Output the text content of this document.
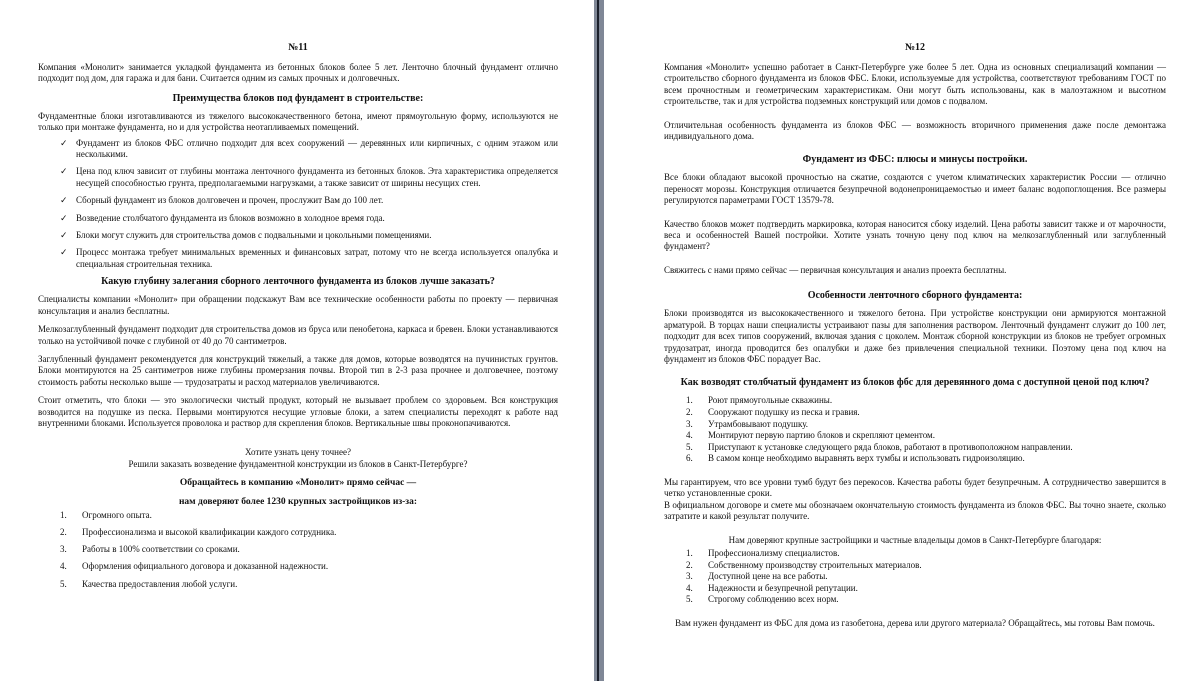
№11

Компания «Монолит» занимается укладкой фундамента из бетонных блоков более 5 лет. Ленточно блочный фундамент отлично подходит под дом, для гаража и для бани. Считается одним из самых прочных и долговечных.

Преимущества блоков под фундамент в строительстве:

Фундаментные блоки изготавливаются из тяжелого высококачественного бетона, имеют прямоугольную форму, используются не только при монтаже фундамента, но и для устройства неотапливаемых помещений.

✓ Фундамент из блоков ФБС отлично подходит для всех сооружений — деревянных или кирпичных, с одним этажом или несколькими.
✓ Цена под ключ зависит от глубины монтажа ленточного фундамента из бетонных блоков. Эта характеристика определяется несущей способностью грунта, предполагаемыми нагрузками, а также зависит от ширины несущих стен.
✓ Сборный фундамент из блоков долговечен и прочен, прослужит Вам до 100 лет.
✓ Возведение столбчатого фундамента из блоков возможно в холодное время года.
✓ Блоки могут служить для строительства домов с подвальными и цокольными помещениями.
✓ Процесс монтажа требует минимальных временных и финансовых затрат, потому что не всегда используется опалубка и специальная строительная техника.
Какую глубину залегания сборного ленточного фундамента из блоков лучше заказать?

Специалисты компании «Монолит» при обращении подскажут Вам все технические особенности работы по проекту — первичная консультация и анализ бесплатны.

Мелкозаглубленный фундамент подходит для строительства домов из бруса или пенобетона, каркаса и бревен. Блоки устанавливаются только на устойчивой почке с глубиной от 40 до 70 сантиметров.

Заглубленный фундамент рекомендуется для конструкций тяжелый, а также для домов, которые возводятся на пучинистых грунтов. Блоки монтируются на 25 сантиметров ниже глубины промерзания почвы. Второй тип в 2-3 раза прочнее и долговечнее, поэтому стоимость работы несколько выше — трудозатраты и расход материалов увеличиваются.

Стоит отметить, что блоки — это экологически чистый продукт, который не вызывает проблем со здоровьем. Вся конструкция возводится на подушке из песка. Первыми монтируются несущие угловые блоки, а затем специалисты переходят к работе над внутренними блоками. Используется проволока и раствор для скрепления блоков. Вертикальные швы проконопачиваются.

Хотите узнать цену точнее?

Решили заказать возведение фундаментной конструкции из блоков в Санкт-Петербурге?

Обращайтесь в компанию «Монолит» прямо сейчас —

нам доверяют более 1230 крупных застройщиков из-за:

1. Огромного опыта.
2. Профессионализма и высокой квалификации каждого сотрудника.
3. Работы в 100% соответствии со сроками.
4. Оформления официального договора и доказанной надежности.
5. Качества предоставления любой услуги.
№12

Компания «Монолит» успешно работает в Санкт-Петербурге уже более 5 лет. Одна из основных специализаций компании — строительство сборного фундамента из блоков ФБС. Блоки, используемые для устройства, соответствуют требованиям ГОСТ по всем прочностным и геометрическим характеристикам. Они могут быть использованы, как в малоэтажном и высотном строительстве, так и для устройства подземных конструкций или домов с подвалом.

Отличительная особенность фундамента из блоков ФБС — возможность вторичного применения даже после демонтажа индивидуального дома.

Фундамент из ФБС: плюсы и минусы постройки.

Все блоки обладают высокой прочностью на сжатие, создаются с учетом климатических характеристик России — отлично переносят морозы. Конструкция отличается безупречной водонепроницаемостью и имеет баланс водопоглощения. Все размеры регулируются параметрами ГОСТ 13579-78.

Качество блоков может подтвердить маркировка, которая наносится сбоку изделий. Цена работы зависит также и от марочности, веса и особенностей Вашей постройки. Хотите узнать точную цену под ключ на мелкозаглубленный или заглубленный фундамент?

Свяжитесь с нами прямо сейчас — первичная консультация и анализ проекта бесплатны.

Особенности ленточного сборного фундамента:

Блоки производятся из высококачественного и тяжелого бетона. При устройстве конструкции они армируются монтажной арматурой. В торцах наши специалисты устраивают пазы для заполнения раствором. Ленточный фундамент служит до 100 лет, подходит для всех типов сооружений, включая здания с цоколем. Монтаж сборной конструкции из блоков не требует огромных трудозатрат, иногда проводится без опалубки и даже без привлечения специальной техники. Поэтому цена под ключ на фундамент из блоков ФБС порадует Вас.

Как возводят столбчатый фундамент из блоков фбс для деревянного дома с доступной ценой под ключ?
1. Роют прямоугольные скважины.
2. Сооружают подушку из песка и гравия.
3. Утрамбовывают подушку.
4. Монтируют первую партию блоков и скрепляют цементом.
5. Приступают к установке следующего ряда блоков, работают в противоположном направлении.
6. В самом конце необходимо выравнять верх тумбы и использовать гидроизоляцию.

Мы гарантируем, что все уровни тумб будут без перекосов. Качества работы будет безупречным. А сотрудничество завершится в четко установленные сроки.

В официальном договоре и смете мы обозначаем окончательную стоимость фундамента из блоков ФБС. Вы точно знаете, сколько затратите и какой результат получите.

Нам доверяют крупные застройщики и частные владельцы домов в Санкт-Петербурге благодаря:

1. Профессионализму специалистов.
2. Собственному производству строительных материалов.
3. Доступной цене на все работы.
4. Надежности и безупречной репутации.
5. Строгому соблюдению всех норм.

Вам нужен фундамент из ФБС для дома из газобетона, дерева или другого материала? Обращайтесь, мы готовы Вам помочь.
